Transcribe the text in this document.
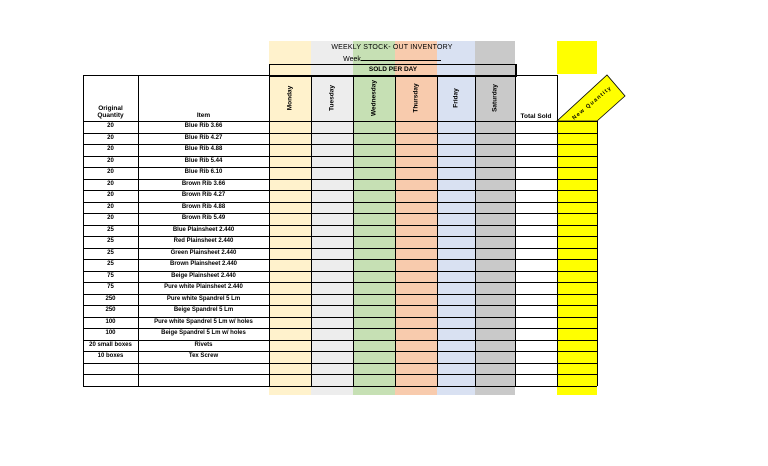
WEEKLY STOCK- OUT INVENTORY
Week
SOLD PER DAY
Original Quantity	Item
Monday	Tuesday	Wednesday	Thursday	Friday	Saturday
Total Sold	New Quantity
20	Blue Rib 3.66
20	Blue Rib 4.27
20	Blue Rib 4.88
20	Blue Rib 5.44
20	Blue Rib 6.10
20	Brown Rib 3.66
20	Brown Rib 4.27
20	Brown Rib 4.88
20	Brown Rib 5.49
25	Blue Plainsheet 2.440
25	Red Plainsheet 2.440
25	Green Plainsheet 2.440
25	Brown Plainsheet 2.440
75	Beige Plainsheet 2.440
75	Pure white Plainsheet 2.440
250	Pure white Spandrel 5 Lm
250	Beige Spandrel 5 Lm
100	Pure white Spandrel 5 Lm w/ holes
100	Beige Spandrel 5 Lm w/ holes
20 small boxes	Rivets
10 boxes	Tex Screw
